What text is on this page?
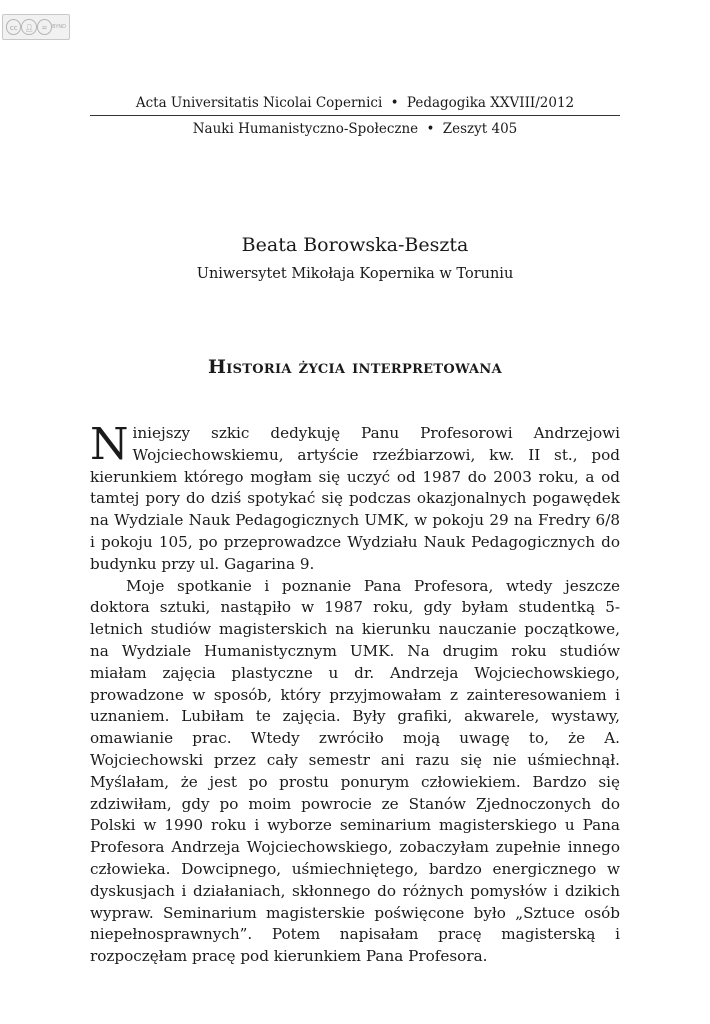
cc	👤︎	= BY ND
Acta Universitatis Nicolai Copernici • Pedagogika XXVIII/2012
Nauki Humanistyczno-Społeczne • Zeszyt 405
Beata Borowska-Beszta
Uniwersytet Mikołaja Kopernika w Toruniu
Historia życia interpretowana

Niniejszy szkic dedykuję Panu Profesorowi Andrzejowi Wojciechowskiemu, artyście rzeźbiarzowi, kw. II st., pod kierunkiem którego mogłam się uczyć od 1987 do 2003 roku, a od tamtej pory do dziś spotykać się podczas okazjonalnych pogawędek na Wydziale Nauk Pedagogicznych UMK, w pokoju 29 na Fredry 6/8 i pokoju 105, po przeprowadzce Wydziału Nauk Pedagogicznych do budynku przy ul. Gagarina 9.

Moje spotkanie i poznanie Pana Profesora, wtedy jeszcze doktora sztuki, nastąpiło w 1987 roku, gdy byłam studentką 5-letnich studiów magisterskich na kierunku nauczanie początkowe, na Wydziale Humanistycznym UMK. Na drugim roku studiów miałam zajęcia plastyczne u dr. Andrzeja Wojciechowskiego, prowadzone w sposób, który przyjmowałam z zainteresowaniem i uznaniem. Lubiłam te zajęcia. Były grafiki, akwarele, wystawy, omawianie prac. Wtedy zwróciło moją uwagę to, że A. Wojciechowski przez cały semestr ani razu się nie uśmiechnął. Myślałam, że jest po prostu ponurym człowiekiem. Bardzo się zdziwiłam, gdy po moim powrocie ze Stanów Zjednoczonych do Polski w 1990 roku i wyborze seminarium magisterskiego u Pana Profesora Andrzeja Wojciechowskiego, zobaczyłam zupełnie innego człowieka. Dowcipnego, uśmiechniętego, bardzo energicznego w dyskusjach i działaniach, skłonnego do różnych pomysłów i dzikich wypraw. Seminarium magisterskie poświęcone było „Sztuce osób niepełnosprawnych”. Potem napisałam pracę magisterską i rozpoczęłam pracę pod kierunkiem Pana Profesora.
